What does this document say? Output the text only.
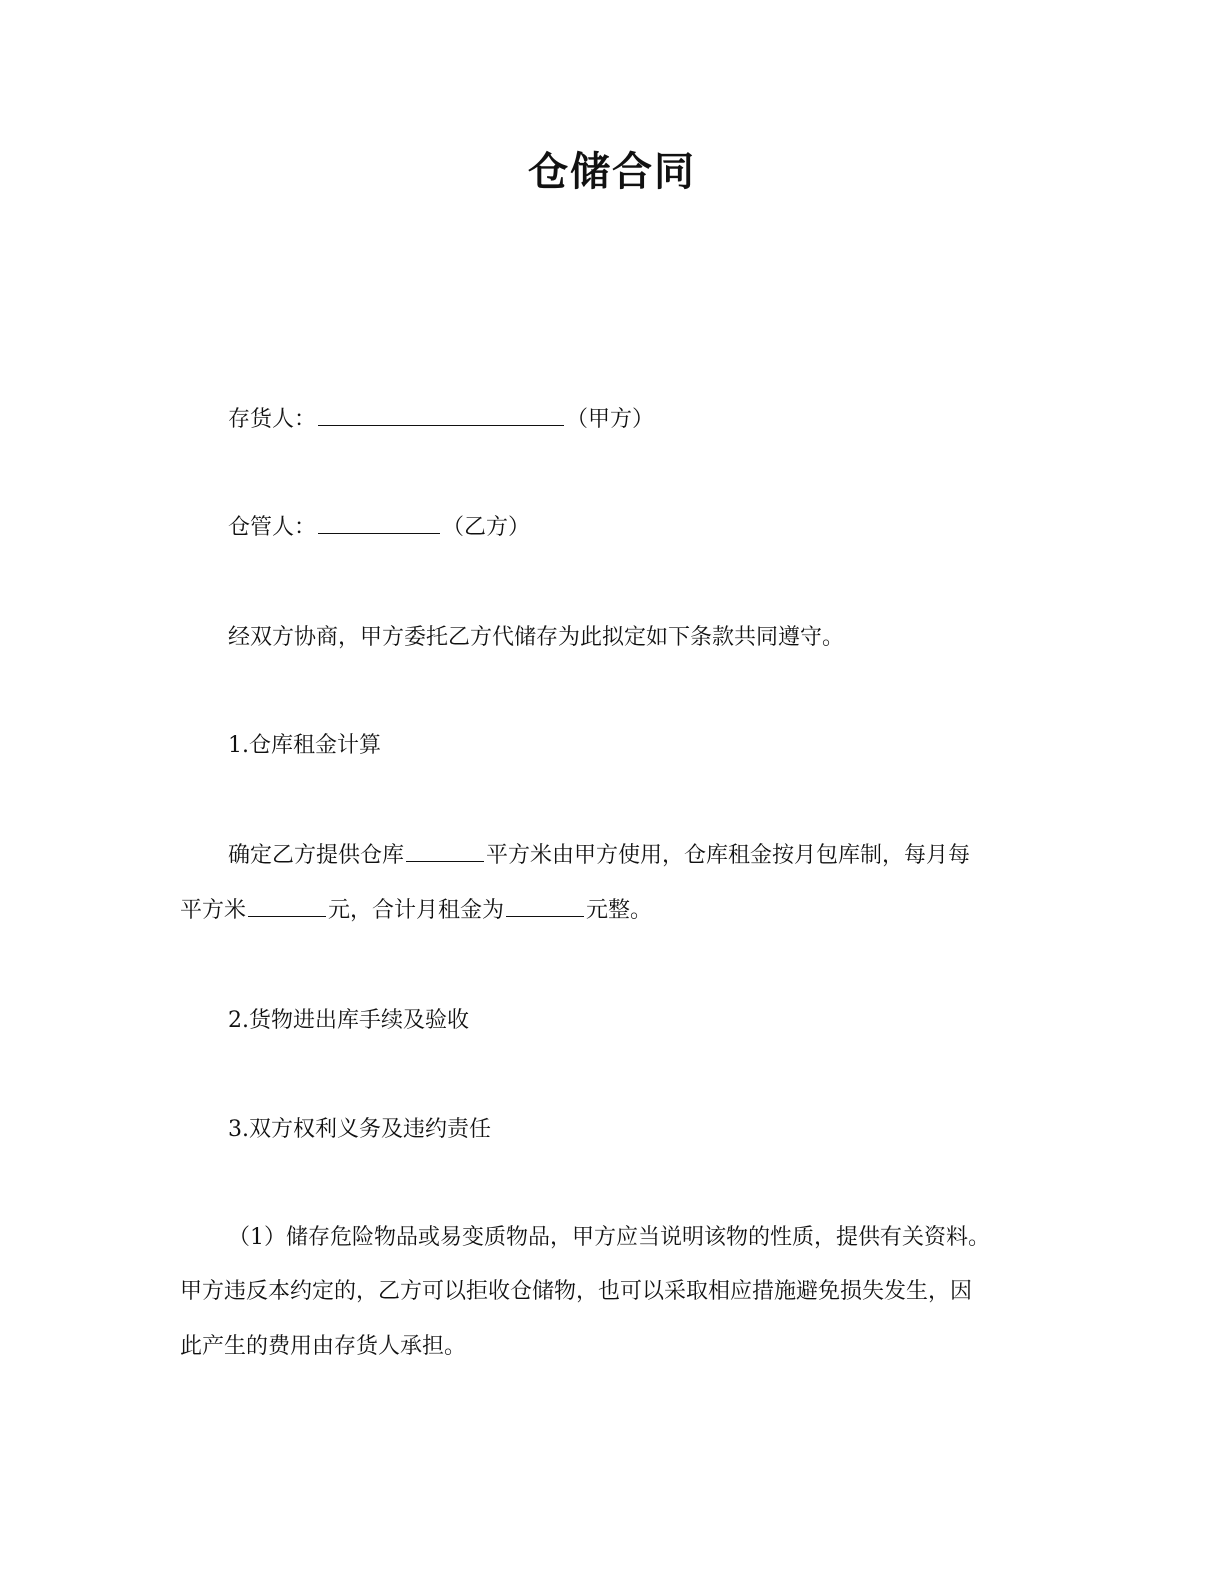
仓储合同
存货人：	（甲方）
仓管人：	（乙方）
经双方协商，甲方委托乙方代储存为此拟定如下条款共同遵守。
1.仓库租金计算
确定乙方提供仓库	平方米由甲方使用，仓库租金按月包库制，每月每
平方米	元，合计月租金为	元整。
2.货物进出库手续及验收
3.双方权利义务及违约责任
（1）储存危险物品或易变质物品，甲方应当说明该物的性质，提供有关资料。
甲方违反本约定的，乙方可以拒收仓储物，也可以采取相应措施避免损失发生，因
此产生的费用由存货人承担。
